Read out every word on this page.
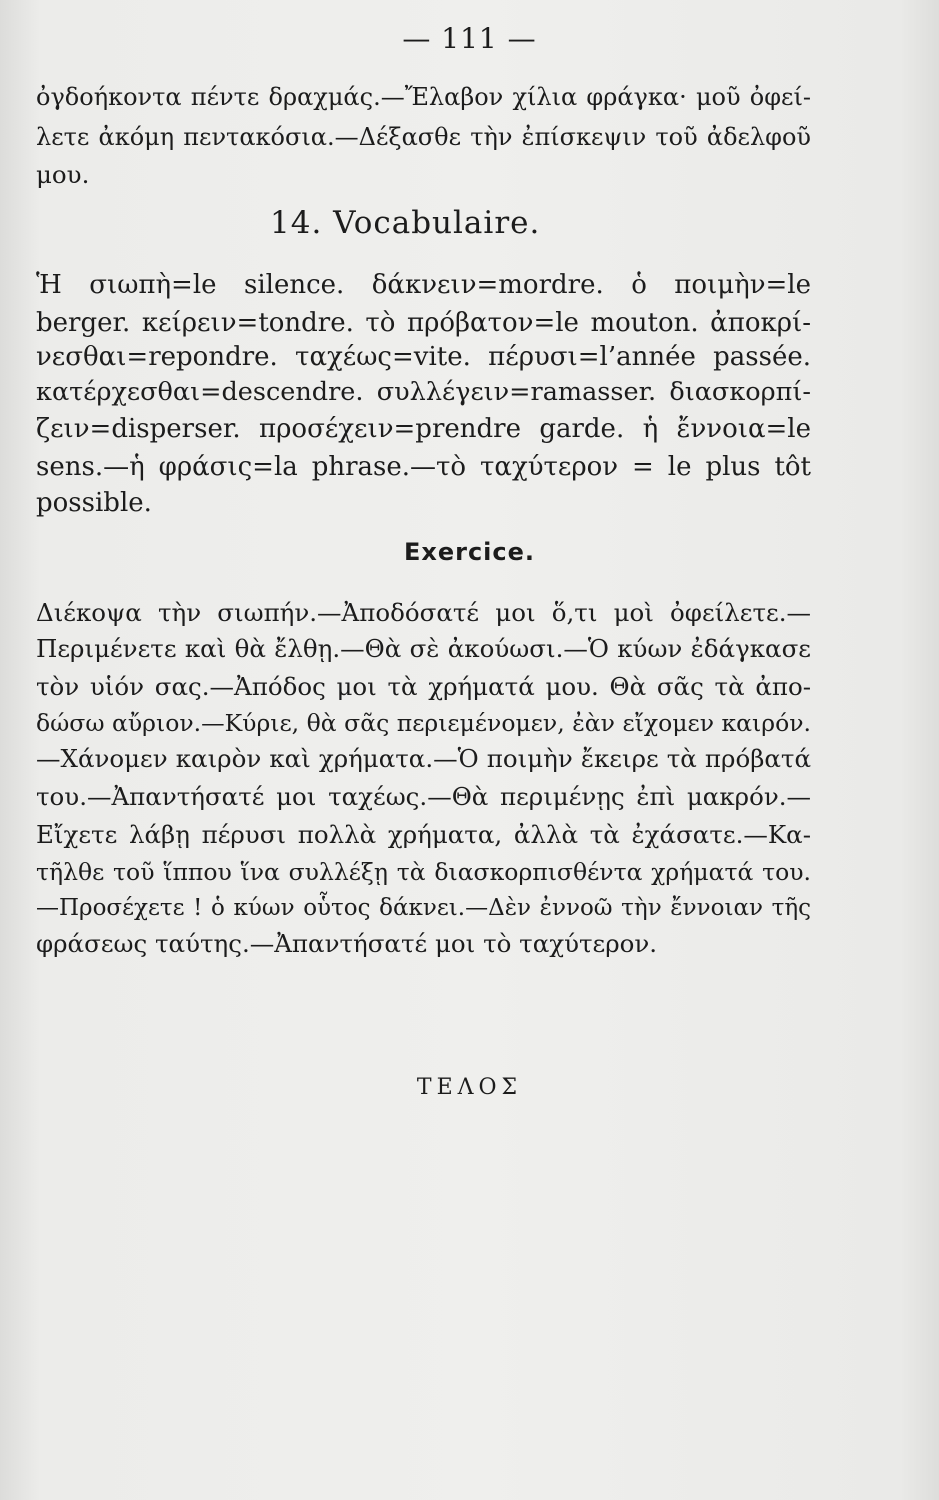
— 111 —
ὀγδοήκοντα πέντε δραχμάς.—Ἔλαβον χίλια φράγκα· μοῦ ὀφεί-
λετε ἀκόμη πεντακόσια.—Δέξασθε τὴν ἐπίσκεψιν τοῦ ἀδελφοῦ
μου.
14. Vocabulaire.
Ἡ σιωπὴ=le silence. δάκνειν=mordre. ὁ ποιμὴν=le
berger. κείρειν=tondre. τὸ πρόβατον=le mouton. ἀποκρί-
νεσθαι=repondre. ταχέως=vite. πέρυσι=l’année passée.
κατέρχεσθαι=descendre. συλλέγειν=ramasser. διασκορπί-
ζειν=disperser. προσέχειν=prendre garde. ἡ ἔννοια=le
sens.—ἡ φράσις=la phrase.—τὸ ταχύτερον = le plus tôt
possible.
Exercice.
Διέκοψα τὴν σιωπήν.—Ἀποδόσατέ μοι ὅ,τι μοὶ ὀφείλετε.—
Περιμένετε καὶ θὰ ἔλθῃ.—Θὰ σὲ ἀκούωσι.—Ὁ κύων ἐδάγκασε
τὸν υἱόν σας.—Ἀπόδος μοι τὰ χρήματά μου. Θὰ σᾶς τὰ ἀπο-
δώσω αὔριον.—Κύριε, θὰ σᾶς περιεμένομεν, ἐὰν εἴχομεν καιρόν.
—Χάνομεν καιρὸν καὶ χρήματα.—Ὁ ποιμὴν ἔκειρε τὰ πρόβατά
του.—Ἀπαντήσατέ μοι ταχέως.—Θὰ περιμένῃς ἐπὶ μακρόν.—
Εἴχετε λάβῃ πέρυσι πολλὰ χρήματα, ἀλλὰ τὰ ἐχάσατε.—Κα-
τῆλθε τοῦ ἵππου ἵνα συλλέξῃ τὰ διασκορπισθέντα χρήματά του.
—Προσέχετε ! ὁ κύων οὗτος δάκνει.—Δὲν ἐννοῶ τὴν ἔννοιαν τῆς
φράσεως ταύτης.—Ἀπαντήσατέ μοι τὸ ταχύτερον.
ΤΕΛΟΣ
